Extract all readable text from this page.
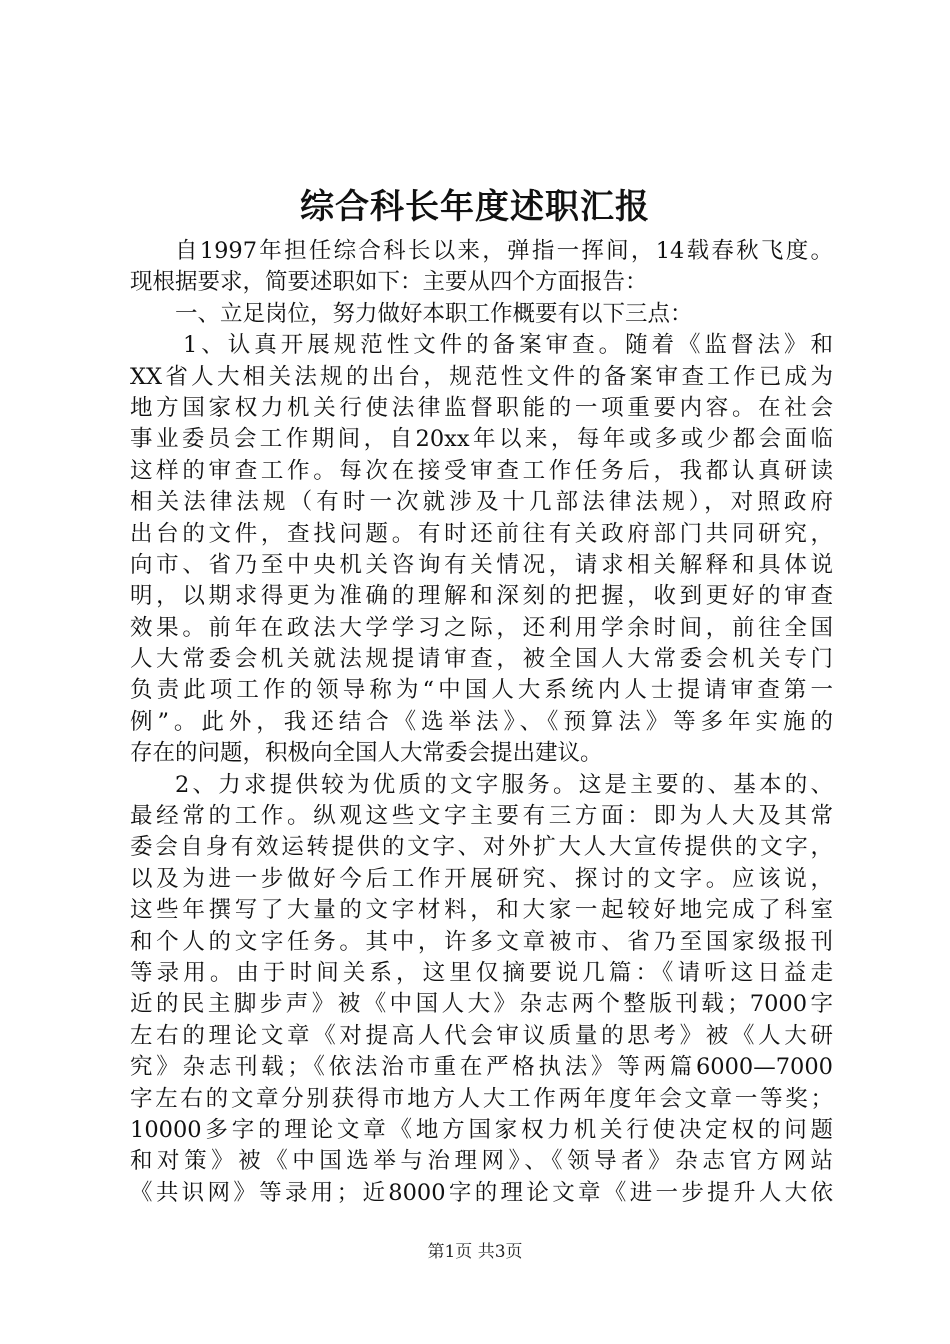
综合科长年度述职汇报
自1997年担任综合科长以来，弹指一挥间，14载春秋飞度。
现根据要求，简要述职如下：主要从四个方面报告：
一、立足岗位，努力做好本职工作概要有以下三点：
1、认真开展规范性文件的备案审查。随着《监督法》和
XX省人大相关法规的出台，规范性文件的备案审查工作已成为
地方国家权力机关行使法律监督职能的一项重要内容。在社会
事业委员会工作期间，自20xx年以来，每年或多或少都会面临
这样的审查工作。每次在接受审查工作任务后，我都认真研读
相关法律法规（有时一次就涉及十几部法律法规），对照政府
出台的文件，查找问题。有时还前往有关政府部门共同研究，
向市、省乃至中央机关咨询有关情况，请求相关解释和具体说
明，以期求得更为准确的理解和深刻的把握，收到更好的审查
效果。前年在政法大学学习之际，还利用学余时间，前往全国
人大常委会机关就法规提请审查，被全国人大常委会机关专门
负责此项工作的领导称为“中国人大系统内人士提请审查第一
例”。此外，我还结合《选举法》、《预算法》等多年实施的
存在的问题，积极向全国人大常委会提出建议。
2、力求提供较为优质的文字服务。这是主要的、基本的、
最经常的工作。纵观这些文字主要有三方面：即为人大及其常
委会自身有效运转提供的文字、对外扩大人大宣传提供的文字，
以及为进一步做好今后工作开展研究、探讨的文字。应该说，
这些年撰写了大量的文字材料，和大家一起较好地完成了科室
和个人的文字任务。其中，许多文章被市、省乃至国家级报刊
等录用。由于时间关系，这里仅摘要说几篇：《请听这日益走
近的民主脚步声》被《中国人大》杂志两个整版刊载；7000字
左右的理论文章《对提高人代会审议质量的思考》被《人大研
究》杂志刊载；《依法治市重在严格执法》等两篇6000—7000
字左右的文章分别获得市地方人大工作两年度年会文章一等奖；
10000多字的理论文章《地方国家权力机关行使决定权的问题
和对策》被《中国选举与治理网》、《领导者》杂志官方网站
《共识网》等录用；近8000字的理论文章《进一步提升人大依
第1页 共3页
